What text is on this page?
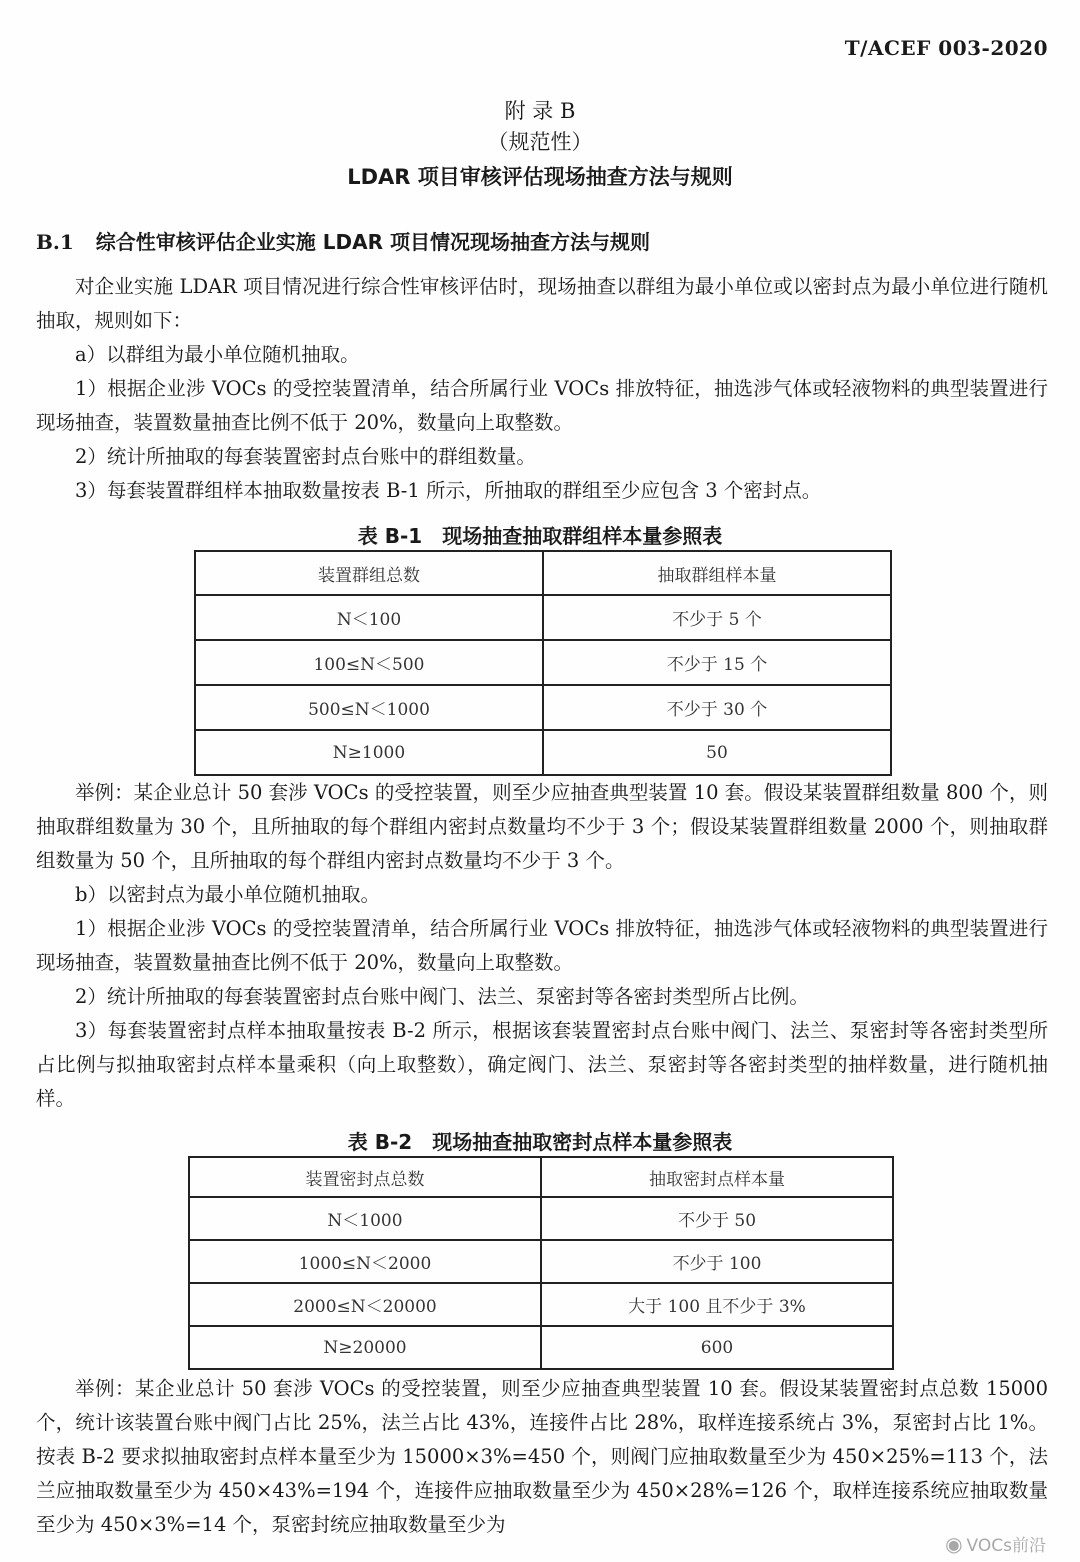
T/ACEF 003-2020
附 录 B
（规范性）
LDAR 项目审核评估现场抽查方法与规则
B.1 综合性审核评估企业实施 LDAR 项目情况现场抽查方法与规则

对企业实施 LDAR 项目情况进行综合性审核评估时，现场抽查以群组为最小单位或以密封点为最小单位进行随机抽取，规则如下：

a）以群组为最小单位随机抽取。

1）根据企业涉 VOCs 的受控装置清单，结合所属行业 VOCs 排放特征，抽选涉气体或轻液物料的典型装置进行现场抽查，装置数量抽查比例不低于 20%，数量向上取整数。

2）统计所抽取的每套装置密封点台账中的群组数量。

3）每套装置群组样本抽取数量按表 B-1 所示，所抽取的群组至少应包含 3 个密封点。

表 B-1　现场抽查抽取群组样本量参照表
装置群组总数	抽取群组样本量
N＜100	不少于 5 个
100≤N＜500	不少于 15 个
500≤N＜1000	不少于 30 个
N≥1000	50

举例：某企业总计 50 套涉 VOCs 的受控装置，则至少应抽查典型装置 10 套。假设某装置群组数量 800 个，则抽取群组数量为 30 个，且所抽取的每个群组内密封点数量均不少于 3 个；假设某装置群组数量 2000 个，则抽取群组数量为 50 个，且所抽取的每个群组内密封点数量均不少于 3 个。

b）以密封点为最小单位随机抽取。

1）根据企业涉 VOCs 的受控装置清单，结合所属行业 VOCs 排放特征，抽选涉气体或轻液物料的典型装置进行现场抽查，装置数量抽查比例不低于 20%，数量向上取整数。

2）统计所抽取的每套装置密封点台账中阀门、法兰、泵密封等各密封类型所占比例。

3）每套装置密封点样本抽取量按表 B-2 所示，根据该套装置密封点台账中阀门、法兰、泵密封等各密封类型所占比例与拟抽取密封点样本量乘积（向上取整数），确定阀门、法兰、泵密封等各密封类型的抽样数量，进行随机抽样。

表 B-2　现场抽查抽取密封点样本量参照表
装置密封点总数	抽取密封点样本量
N＜1000	不少于 50
1000≤N＜2000	不少于 100
2000≤N＜20000	大于 100 且不少于 3%
N≥20000	600

举例：某企业总计 50 套涉 VOCs 的受控装置，则至少应抽查典型装置 10 套。假设某装置密封点总数 15000 个，统计该装置台账中阀门占比 25%，法兰占比 43%，连接件占比 28%，取样连接系统占 3%，泵密封占比 1%。按表 B-2 要求拟抽取密封点样本量至少为 15000×3%=450 个，则阀门应抽取数量至少为 450×25%=113 个，法兰应抽取数量至少为 450×43%=194 个，连接件应抽取数量至少为 450×28%=126 个，取样连接系统应抽取数量至少为 450×3%=14 个，泵密封统应抽取数量至少为

◉ VOCs前沿
